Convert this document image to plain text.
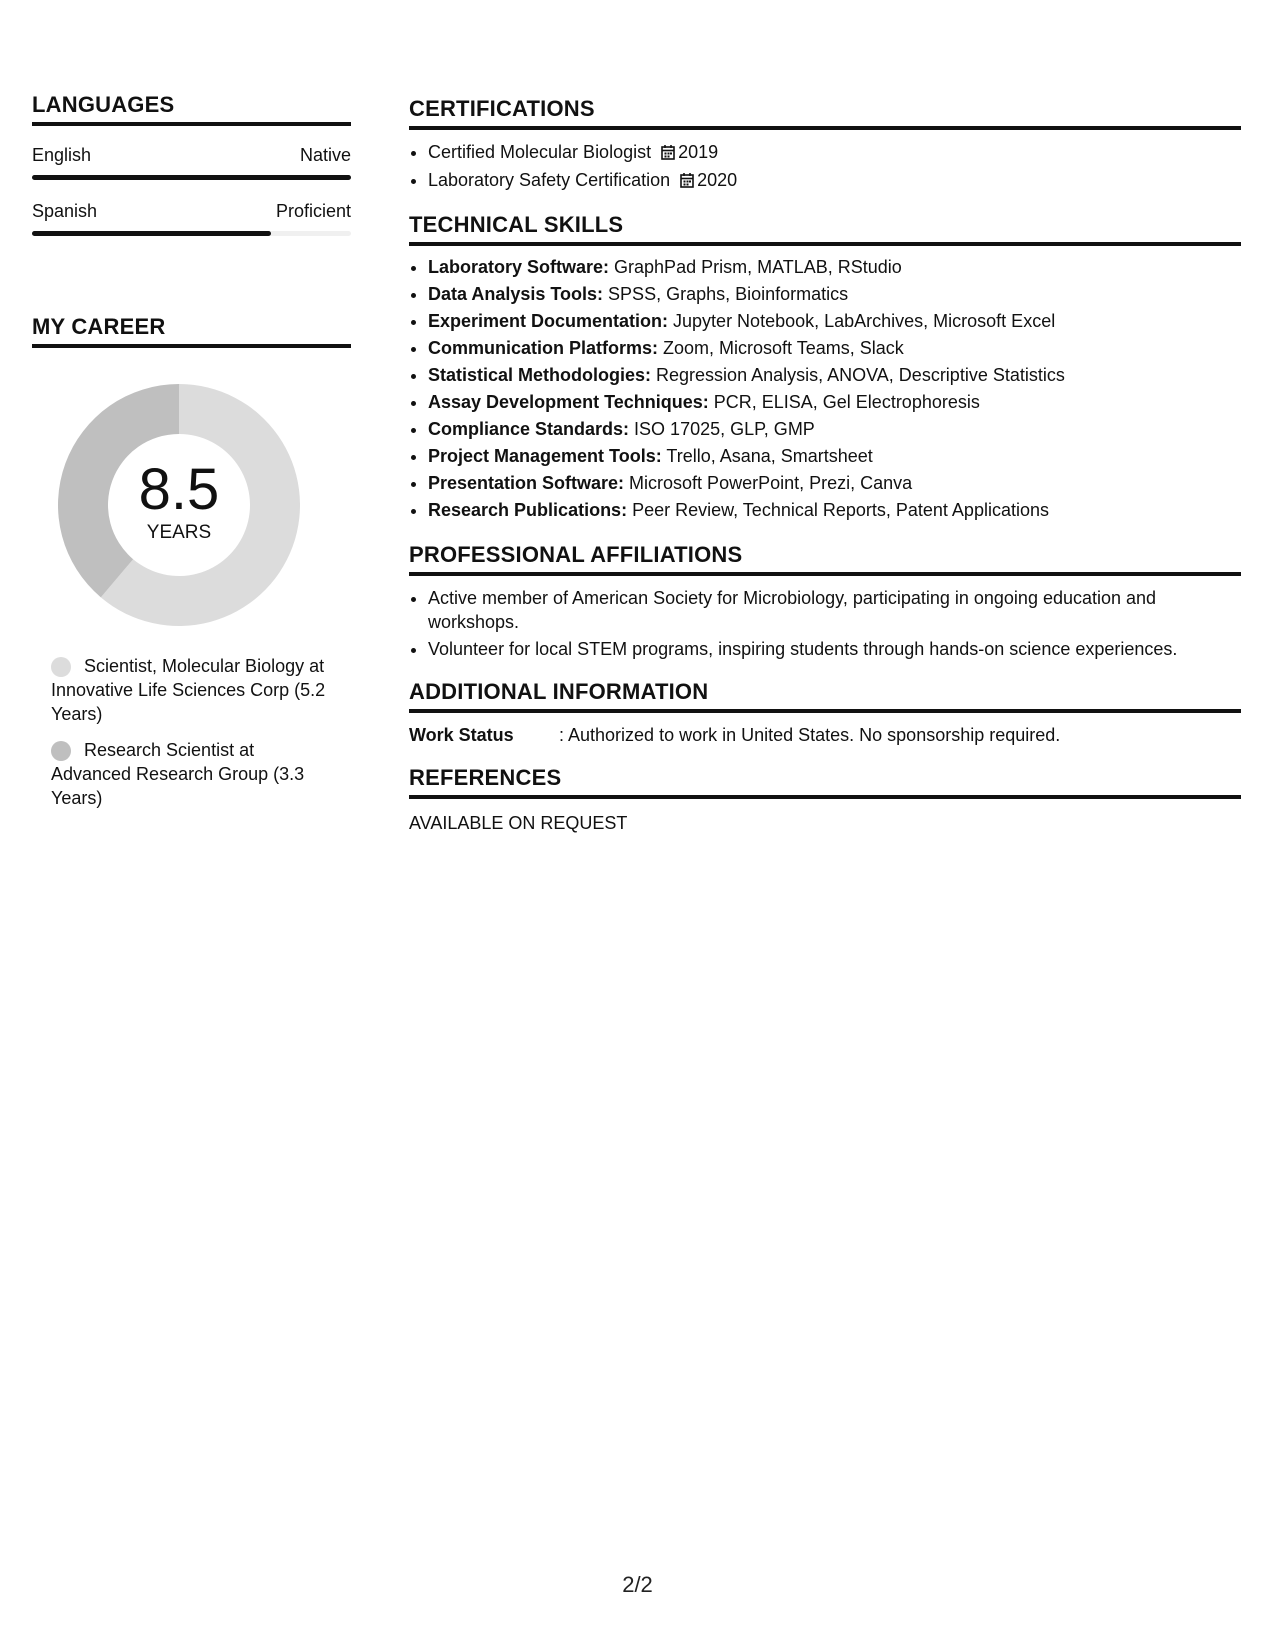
LANGUAGES
English	Native
Spanish	Proficient
MY CAREER
8.5
YEARS
Scientist, Molecular Biology at Innovative Life Sciences Corp (5.2 Years)
Research Scientist at Advanced Research Group (3.3 Years)
CERTIFICATIONS
• Certified Molecular Biologist 2019
• Laboratory Safety Certification 2020
TECHNICAL SKILLS
• Laboratory Software: GraphPad Prism, MATLAB, RStudio
• Data Analysis Tools: SPSS, Graphs, Bioinformatics
• Experiment Documentation: Jupyter Notebook, LabArchives, Microsoft Excel
• Communication Platforms: Zoom, Microsoft Teams, Slack
• Statistical Methodologies: Regression Analysis, ANOVA, Descriptive Statistics
• Assay Development Techniques: PCR, ELISA, Gel Electrophoresis
• Compliance Standards: ISO 17025, GLP, GMP
• Project Management Tools: Trello, Asana, Smartsheet
• Presentation Software: Microsoft PowerPoint, Prezi, Canva
• Research Publications: Peer Review, Technical Reports, Patent Applications
PROFESSIONAL AFFILIATIONS
• Active member of American Society for Microbiology, participating in ongoing education and workshops.
• Volunteer for local STEM programs, inspiring students through hands-on science experiences.
ADDITIONAL INFORMATION
Work Status	: Authorized to work in United States. No sponsorship required.
REFERENCES
AVAILABLE ON REQUEST
2/2
